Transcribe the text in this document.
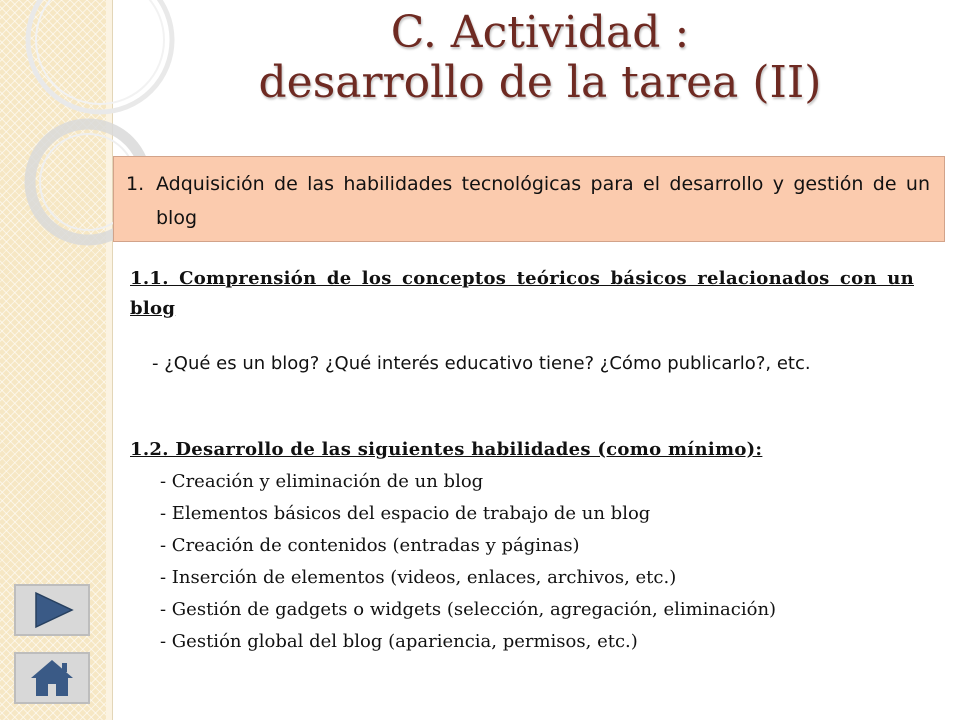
C. Actividad :
desarrollo de la tarea (II)
1. Adquisición de las habilidades tecnológicas para el desarrollo y gestión de un blog
1.1. Comprensión de los conceptos teóricos básicos relacionados con un blog
- ¿Qué es un blog? ¿Qué interés educativo tiene? ¿Cómo publicarlo?, etc.
1.2. Desarrollo de las siguientes habilidades (como mínimo):
- Creación y eliminación de un blog
- Elementos básicos del espacio de trabajo de un blog
- Creación de contenidos (entradas y páginas)
- Inserción de elementos (videos, enlaces, archivos, etc.)
- Gestión de gadgets o widgets (selección, agregación, eliminación)
- Gestión global del blog (apariencia, permisos, etc.)
